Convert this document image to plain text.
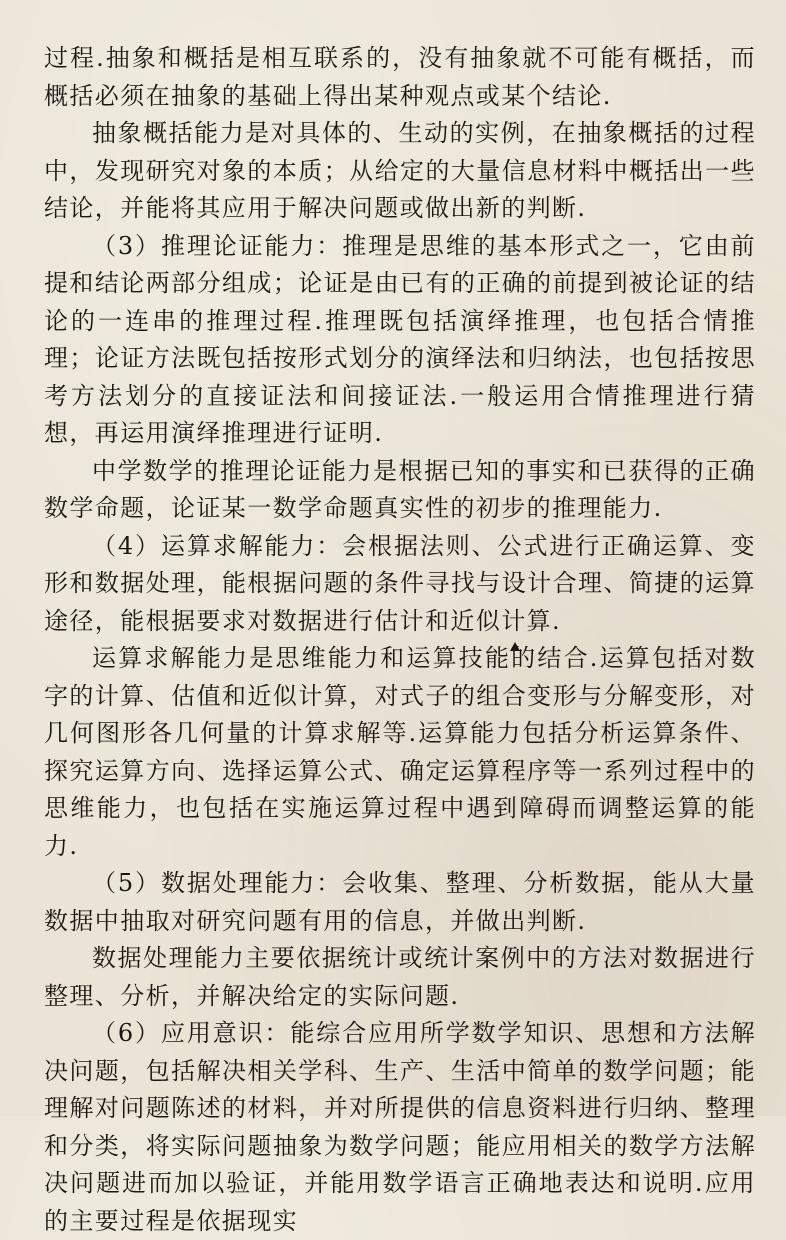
过程.抽象和概括是相互联系的，没有抽象就不可能有概括，而概括必须在抽象的基础上得出某种观点或某个结论.

抽象概括能力是对具体的、生动的实例，在抽象概括的过程中，发现研究对象的本质；从给定的大量信息材料中概括出一些结论，并能将其应用于解决问题或做出新的判断.

（3）推理论证能力：推理是思维的基本形式之一，它由前提和结论两部分组成；论证是由已有的正确的前提到被论证的结论的一连串的推理过程.推理既包括演绎推理，也包括合情推理；论证方法既包括按形式划分的演绎法和归纳法，也包括按思考方法划分的直接证法和间接证法.一般运用合情推理进行猜想，再运用演绎推理进行证明.

中学数学的推理论证能力是根据已知的事实和已获得的正确数学命题，论证某一数学命题真实性的初步的推理能力.

（4）运算求解能力：会根据法则、公式进行正确运算、变形和数据处理，能根据问题的条件寻找与设计合理、简捷的运算途径，能根据要求对数据进行估计和近似计算.

运算求解能力是思维能力和运算技能的结合.运算包括对数字的计算、估值和近似计算，对式子的组合变形与分解变形，对几何图形各几何量的计算求解等.运算能力包括分析运算条件、探究运算方向、选择运算公式、确定运算程序等一系列过程中的思维能力，也包括在实施运算过程中遇到障碍而调整运算的能力.

（5）数据处理能力：会收集、整理、分析数据，能从大量数据中抽取对研究问题有用的信息，并做出判断.

数据处理能力主要依据统计或统计案例中的方法对数据进行整理、分析，并解决给定的实际问题.

（6）应用意识：能综合应用所学数学知识、思想和方法解决问题，包括解决相关学科、生产、生活中简单的数学问题；能理解对问题陈述的材料，并对所提供的信息资料进行归纳、整理和分类，将实际问题抽象为数学问题；能应用相关的数学方法解决问题进而加以验证，并能用数学语言正确地表达和说明.应用的主要过程是依据现实
